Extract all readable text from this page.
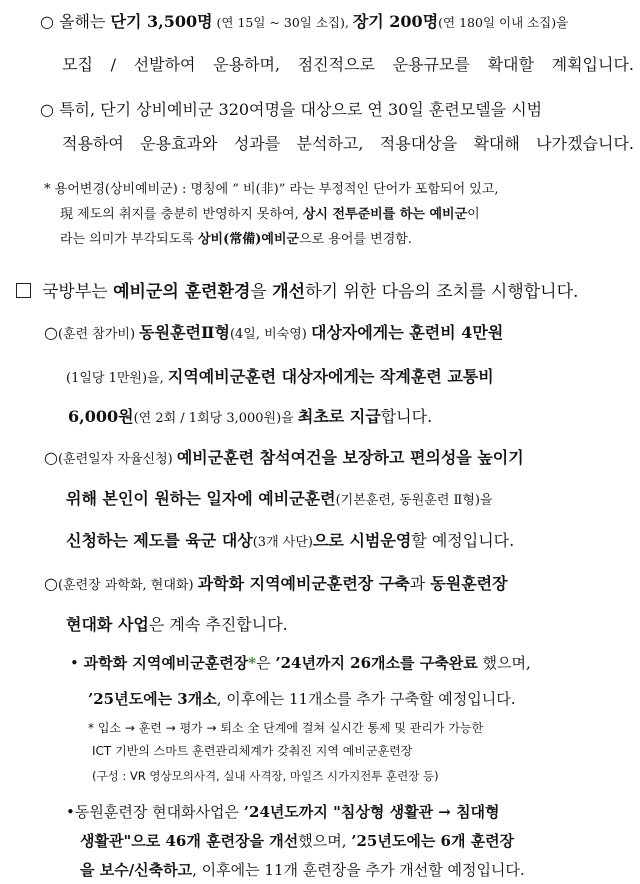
○ 올해는 단기 3,500명 (연 15일 ~ 30일 소집), 장기 200명(연 180일 이내 소집)을
모집 / 선발하여 운용하며, 점진적으로 운용규모를 확대할 계획입니다.
○ 특히, 단기 상비예비군 320여명을 대상으로 연 30일 훈련모델을 시범
적용하여 운용효과와 성과를 분석하고, 적용대상을 확대해 나가겠습니다.
* 용어변경(상비예비군) : 명칭에 “ 비(非)” 라는 부정적인 단어가 포함되어 있고,
現 제도의 취지를 충분히 반영하지 못하여, 상시 전투준비를 하는 예비군이
라는 의미가 부각되도록 상비(常備)예비군으로 용어를 변경함.
국방부는 예비군의 훈련환경을 개선하기 위한 다음의 조치를 시행합니다.
○(훈련 참가비) 동원훈련Ⅱ형(4일, 비숙영) 대상자에게는 훈련비 4만원
(1일당 1만원)을, 지역예비군훈련 대상자에게는 작계훈련 교통비
6,000원(연 2회 / 1회당 3,000원)을 최초로 지급합니다.
○(훈련일자 자율신청) 예비군훈련 참석여건을 보장하고 편의성을 높이기
위해 본인이 원하는 일자에 예비군훈련(기본훈련, 동원훈련 Ⅱ형)을
신청하는 제도를 육군 대상(3개 사단)으로 시범운영할 예정입니다.
○(훈련장 과학화, 현대화) 과학화 지역예비군훈련장 구축과 동원훈련장
현대화 사업은 계속 추진합니다.
• 과학화 지역예비군훈련장*은 ’24년까지 26개소를 구축완료 했으며,
’25년도에는 3개소, 이후에는 11개소를 추가 구축할 예정입니다.
* 입소 → 훈련 → 평가 → 퇴소 全 단계에 걸쳐 실시간 통제 및 관리가 가능한
ICT 기반의 스마트 훈련관리체계가 갖춰진 지역 예비군훈련장
(구성 : VR 영상모의사격, 실내 사격장, 마일즈 시가지전투 훈련장 등)
•동원훈련장 현대화사업은 ’24년도까지 "침상형 생활관 → 침대형
생활관"으로 46개 훈련장을 개선했으며, ’25년도에는 6개 훈련장
을 보수/신축하고, 이후에는 11개 훈련장을 추가 개선할 예정입니다.
